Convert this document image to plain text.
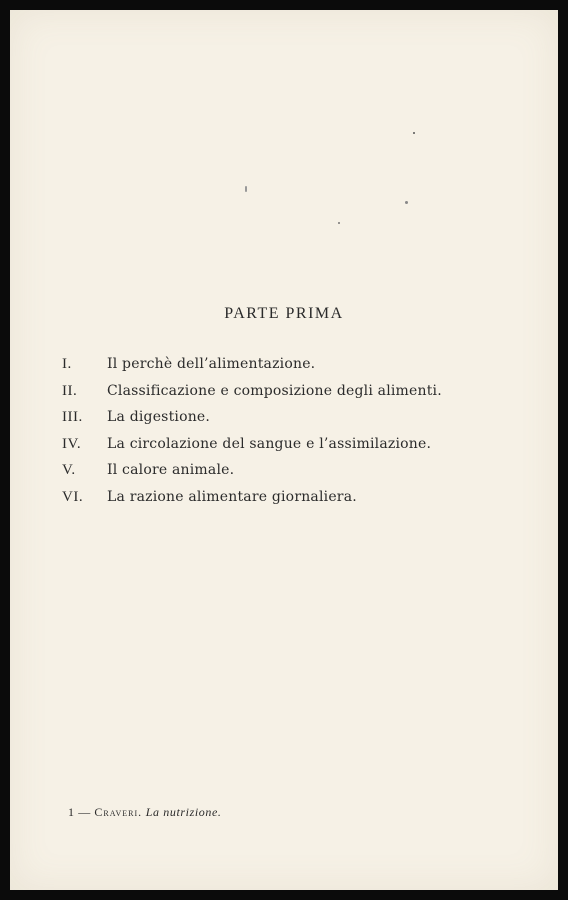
PARTE PRIMA
I.	Il perchè dell’alimentazione.
II.	Classificazione e composizione degli alimenti.
III.	La digestione.
IV.	La circolazione del sangue e l’assimilazione.
V.	Il calore animale.
VI.	La razione alimentare giornaliera.
1 — Craveri. La nutrizione.
